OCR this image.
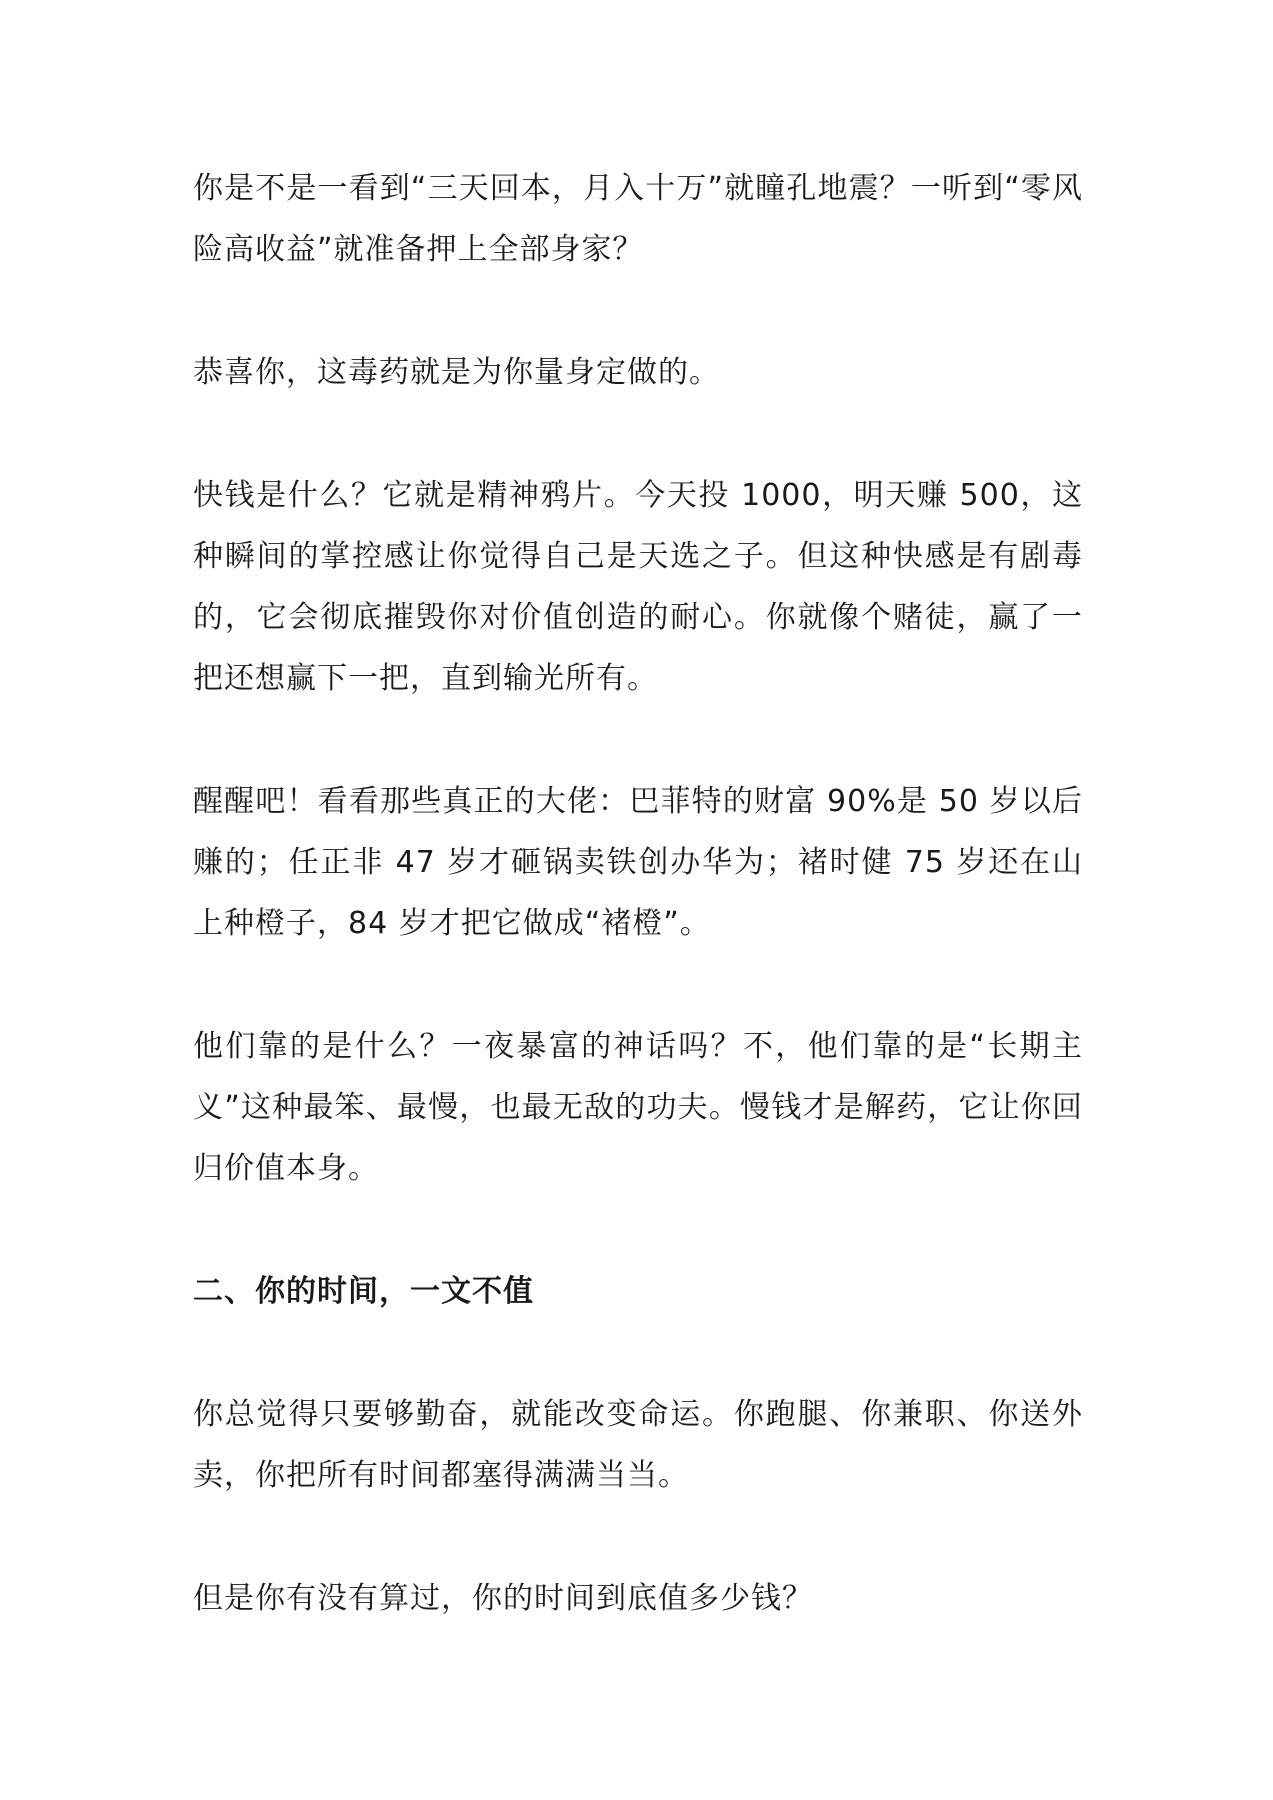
你是不是一看到“三天回本，月入十万”就瞳孔地震？一听到“零风险高收益”就准备押上全部身家？

恭喜你，这毒药就是为你量身定做的。

快钱是什么？它就是精神鸦片。今天投 1000，明天赚 500，这种瞬间的掌控感让你觉得自己是天选之子。但这种快感是有剧毒的，它会彻底摧毁你对价值创造的耐心。你就像个赌徒，赢了一把还想赢下一把，直到输光所有。

醒醒吧！看看那些真正的大佬：巴菲特的财富 90%是 50 岁以后赚的；任正非 47 岁才砸锅卖铁创办华为；褚时健 75 岁还在山上种橙子，84 岁才把它做成“褚橙”。

他们靠的是什么？一夜暴富的神话吗？不，他们靠的是“长期主义”这种最笨、最慢，也最无敌的功夫。慢钱才是解药，它让你回归价值本身。

二、你的时间，一文不值

你总觉得只要够勤奋，就能改变命运。你跑腿、你兼职、你送外卖，你把所有时间都塞得满满当当。

但是你有没有算过，你的时间到底值多少钱？
